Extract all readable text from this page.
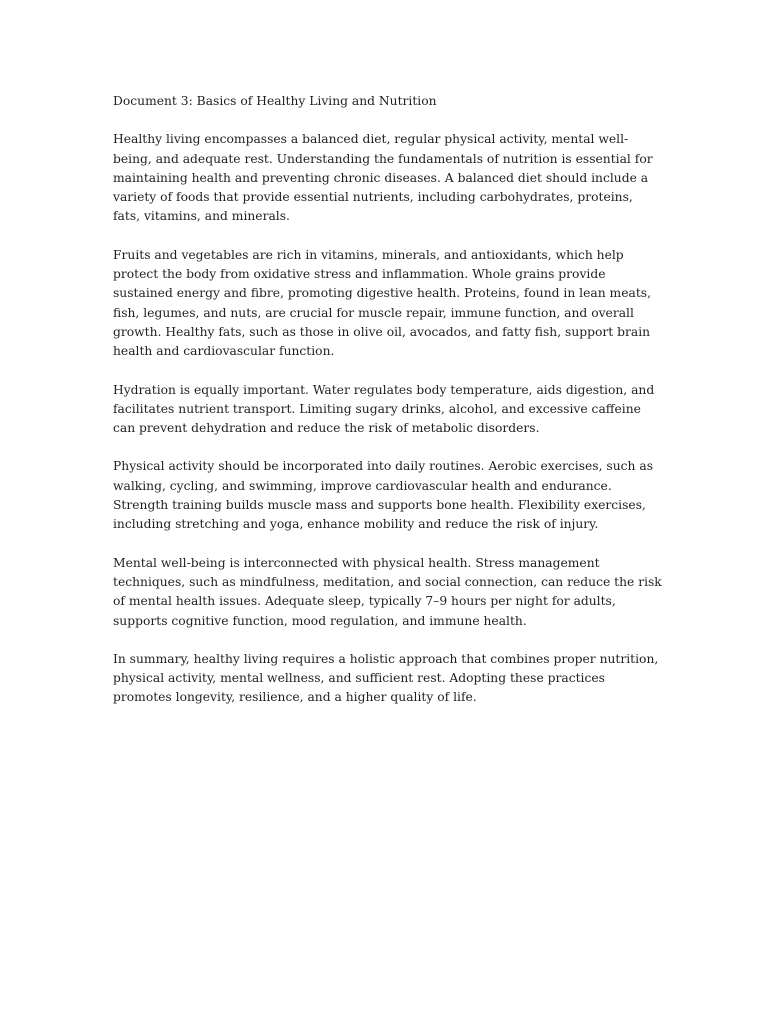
Document 3: Basics of Healthy Living and Nutrition

Healthy living encompasses a balanced diet, regular physical activity, mental well-being, and adequate rest. Understanding the fundamentals of nutrition is essential for maintaining health and preventing chronic diseases. A balanced diet should include a variety of foods that provide essential nutrients, including carbohydrates, proteins, fats, vitamins, and minerals.

Fruits and vegetables are rich in vitamins, minerals, and antioxidants, which help protect the body from oxidative stress and inflammation. Whole grains provide sustained energy and fibre, promoting digestive health. Proteins, found in lean meats, fish, legumes, and nuts, are crucial for muscle repair, immune function, and overall growth. Healthy fats, such as those in olive oil, avocados, and fatty fish, support brain health and cardiovascular function.

Hydration is equally important. Water regulates body temperature, aids digestion, and facilitates nutrient transport. Limiting sugary drinks, alcohol, and excessive caffeine can prevent dehydration and reduce the risk of metabolic disorders.

Physical activity should be incorporated into daily routines. Aerobic exercises, such as walking, cycling, and swimming, improve cardiovascular health and endurance. Strength training builds muscle mass and supports bone health. Flexibility exercises, including stretching and yoga, enhance mobility and reduce the risk of injury.

Mental well-being is interconnected with physical health. Stress management techniques, such as mindfulness, meditation, and social connection, can reduce the risk of mental health issues. Adequate sleep, typically 7–9 hours per night for adults, supports cognitive function, mood regulation, and immune health.

In summary, healthy living requires a holistic approach that combines proper nutrition, physical activity, mental wellness, and sufficient rest. Adopting these practices promotes longevity, resilience, and a higher quality of life.
